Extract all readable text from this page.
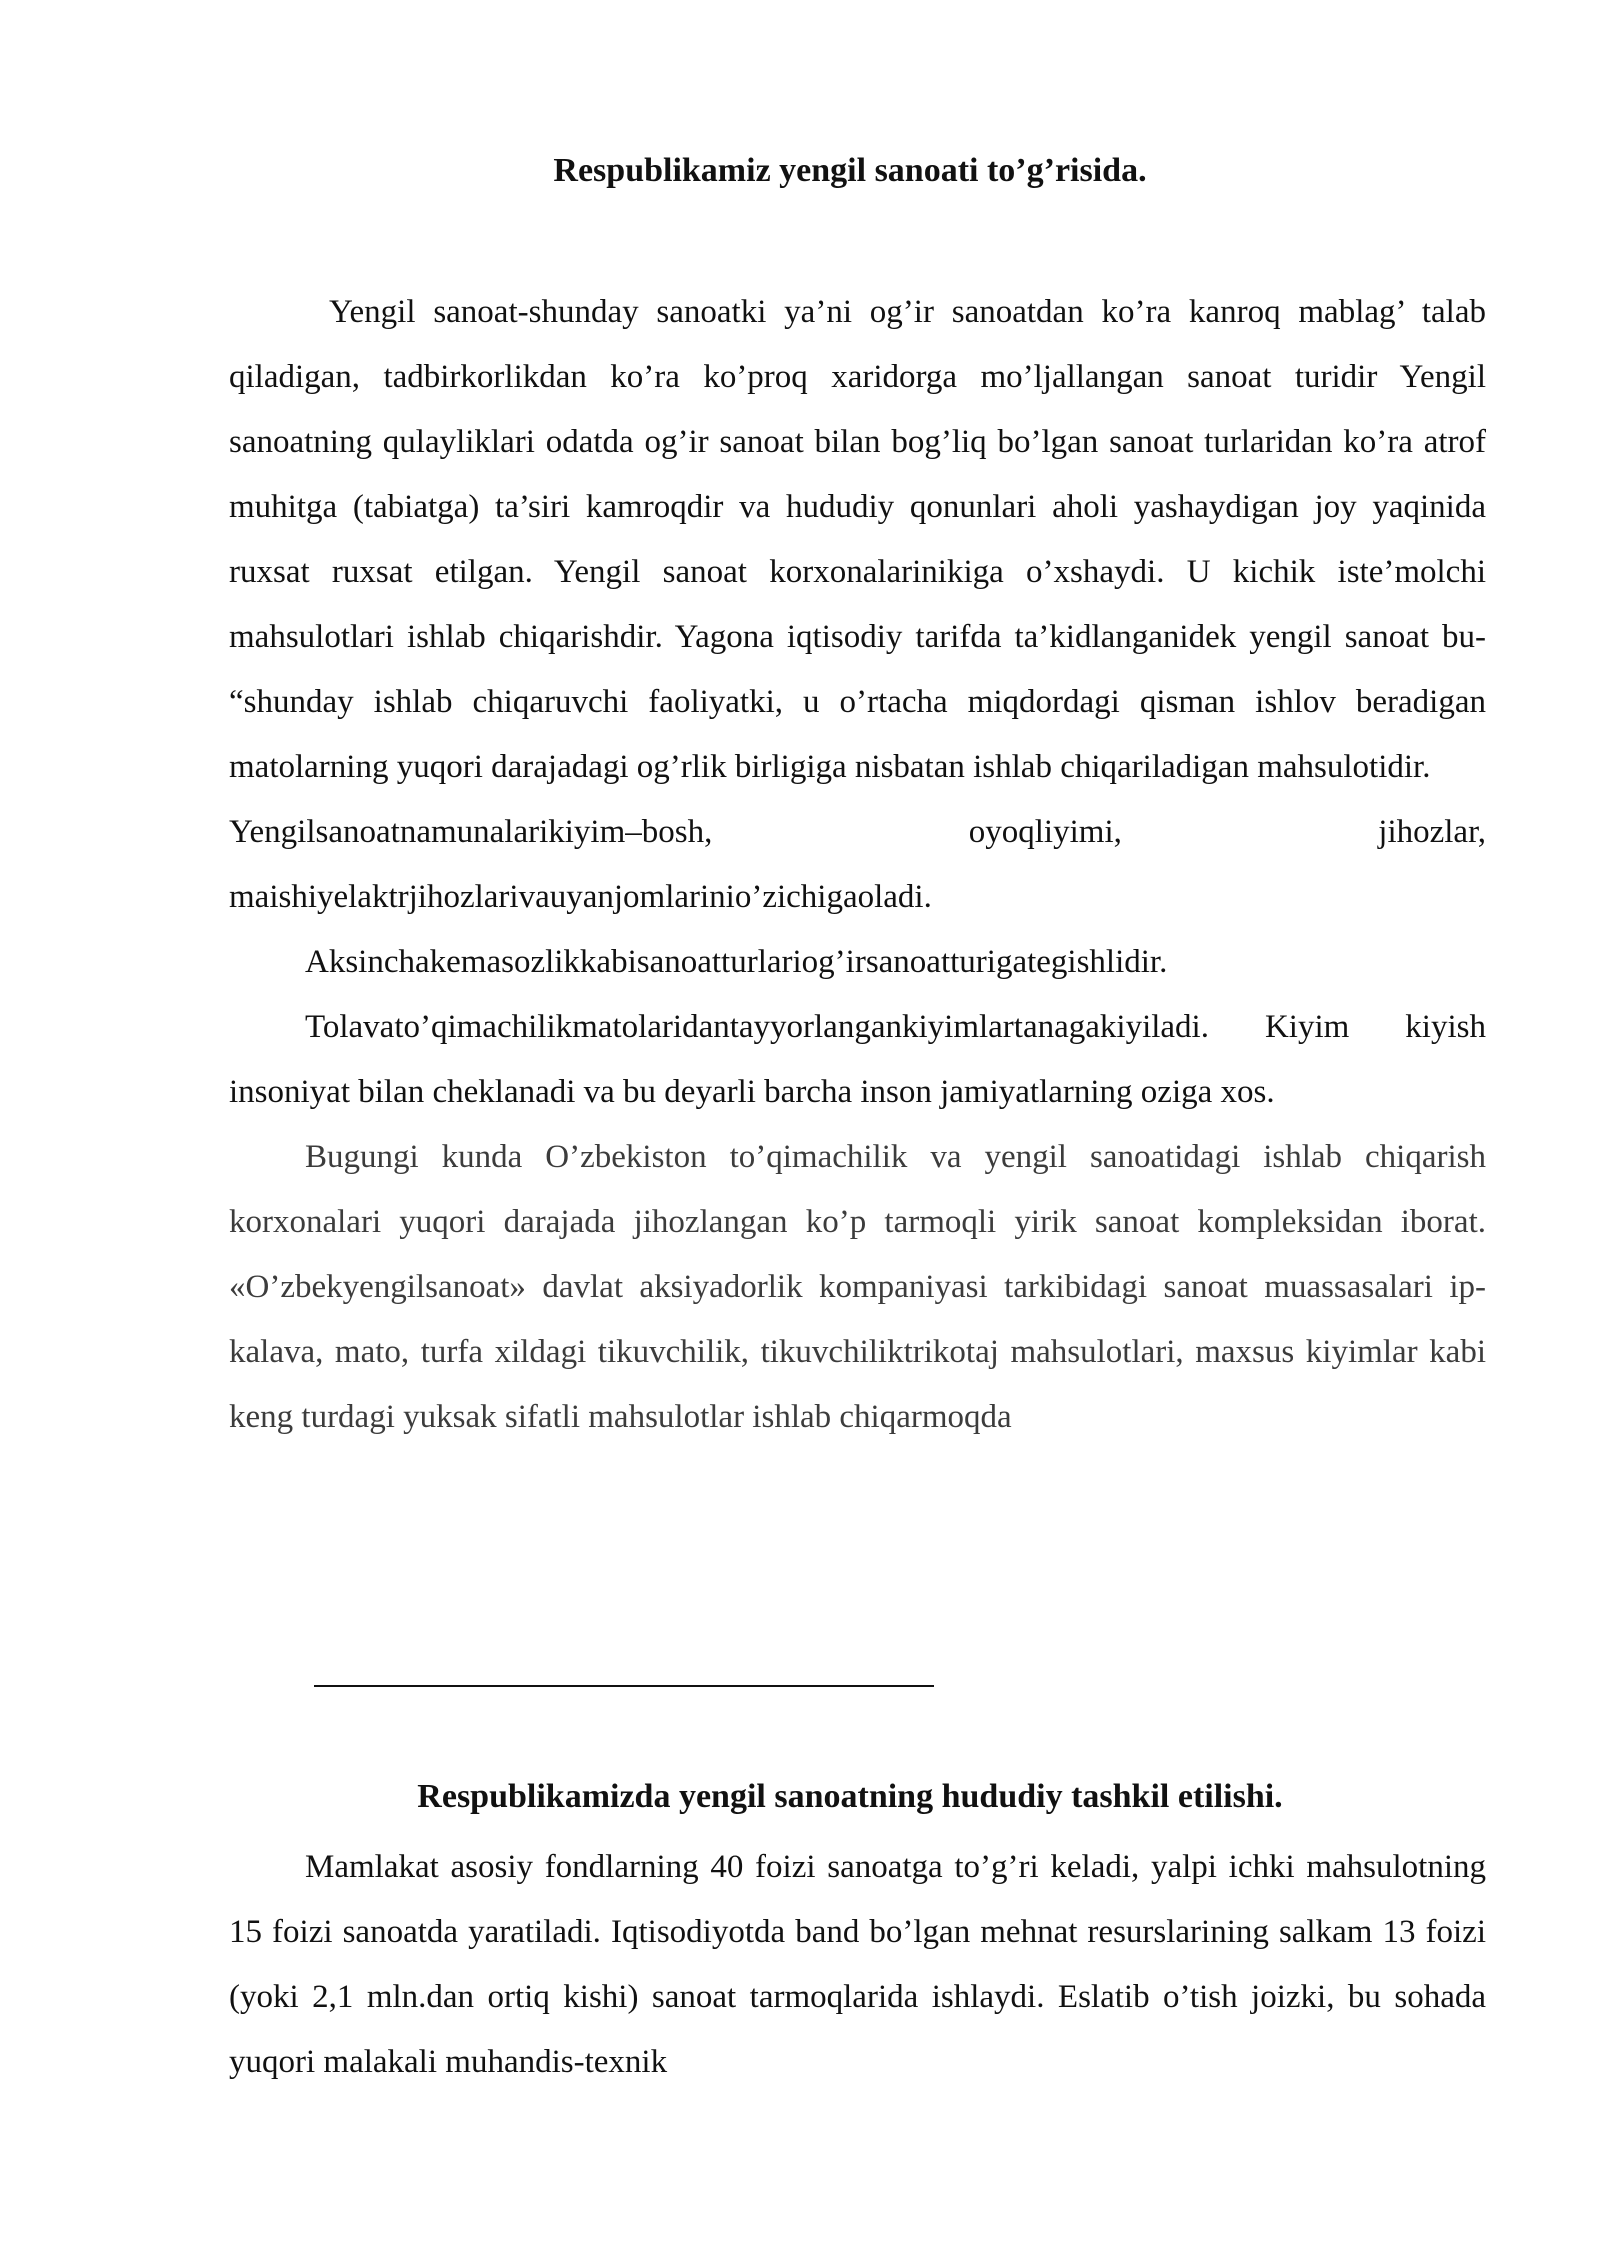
Respublikamiz yengil sanoati to’g’risida.

Yengil sanoat-shunday sanoatki ya’ni og’ir sanoatdan ko’ra kanroq mablag’ talab qiladigan, tadbirkorlikdan ko’ra ko’proq xaridorga mo’ljallangan sanoat turidir Yengil sanoatning qulayliklari odatda og’ir sanoat bilan bog’liq bo’lgan sanoat turlaridan ko’ra atrof muhitga (tabiatga) ta’siri kamroqdir va hududiy qonunlari aholi yashaydigan joy yaqinida ruxsat ruxsat etilgan. Yengil sanoat korxonalarinikiga o’xshaydi. U kichik iste’molchi mahsulotlari ishlab chiqarishdir. Yagona iqtisodiy tarifda ta’kidlanganidek yengil sanoat bu- “shunday ishlab chiqaruvchi faoliyatki, u o’rtacha miqdordagi qisman ishlov beradigan matolarning yuqori darajadagi og’rlik birligiga nisbatan ishlab chiqariladigan mahsulotidir.

Yengilsanoatnamunalarikiyim–bosh, oyoqliyimi, jihozlar,

maishiyelaktrjihozlarivauyanjomlarinio’zichigaoladi.

Aksinchakemasozlikkabisanoatturlariog’irsanoatturigategishlidir.

Tolavato’qimachilikmatolaridantayyorlangankiyimlartanagakiyiladi. Kiyim kiyish insoniyat bilan cheklanadi va bu deyarli barcha inson jamiyatlarning oziga xos.

Bugungi kunda O’zbekiston to’qimachilik va yengil sanoatidagi ishlab chiqarish korxonalari yuqori darajada jihozlangan ko’p tarmoqli yirik sanoat kompleksidan iborat. «O’zbekyengilsanoat» davlat aksiyadorlik kompaniyasi tarkibidagi sanoat muassasalari ip-kalava, mato, turfa xildagi tikuvchilik, tikuvchiliktrikotaj mahsulotlari, maxsus kiyimlar kabi keng turdagi yuksak sifatli mahsulotlar ishlab chiqarmoqda

Respublikamizda yengil sanoatning hududiy tashkil etilishi.

Mamlakat asosiy fondlarning 40 foizi sanoatga to’g’ri keladi, yalpi ichki mahsulotning 15 foizi sanoatda yaratiladi. Iqtisodiyotda band bo’lgan mehnat resurslarining salkam 13 foizi (yoki 2,1 mln.dan ortiq kishi) sanoat tarmoqlarida ishlaydi. Eslatib o’tish joizki, bu sohada yuqori malakali muhandis-texnik
